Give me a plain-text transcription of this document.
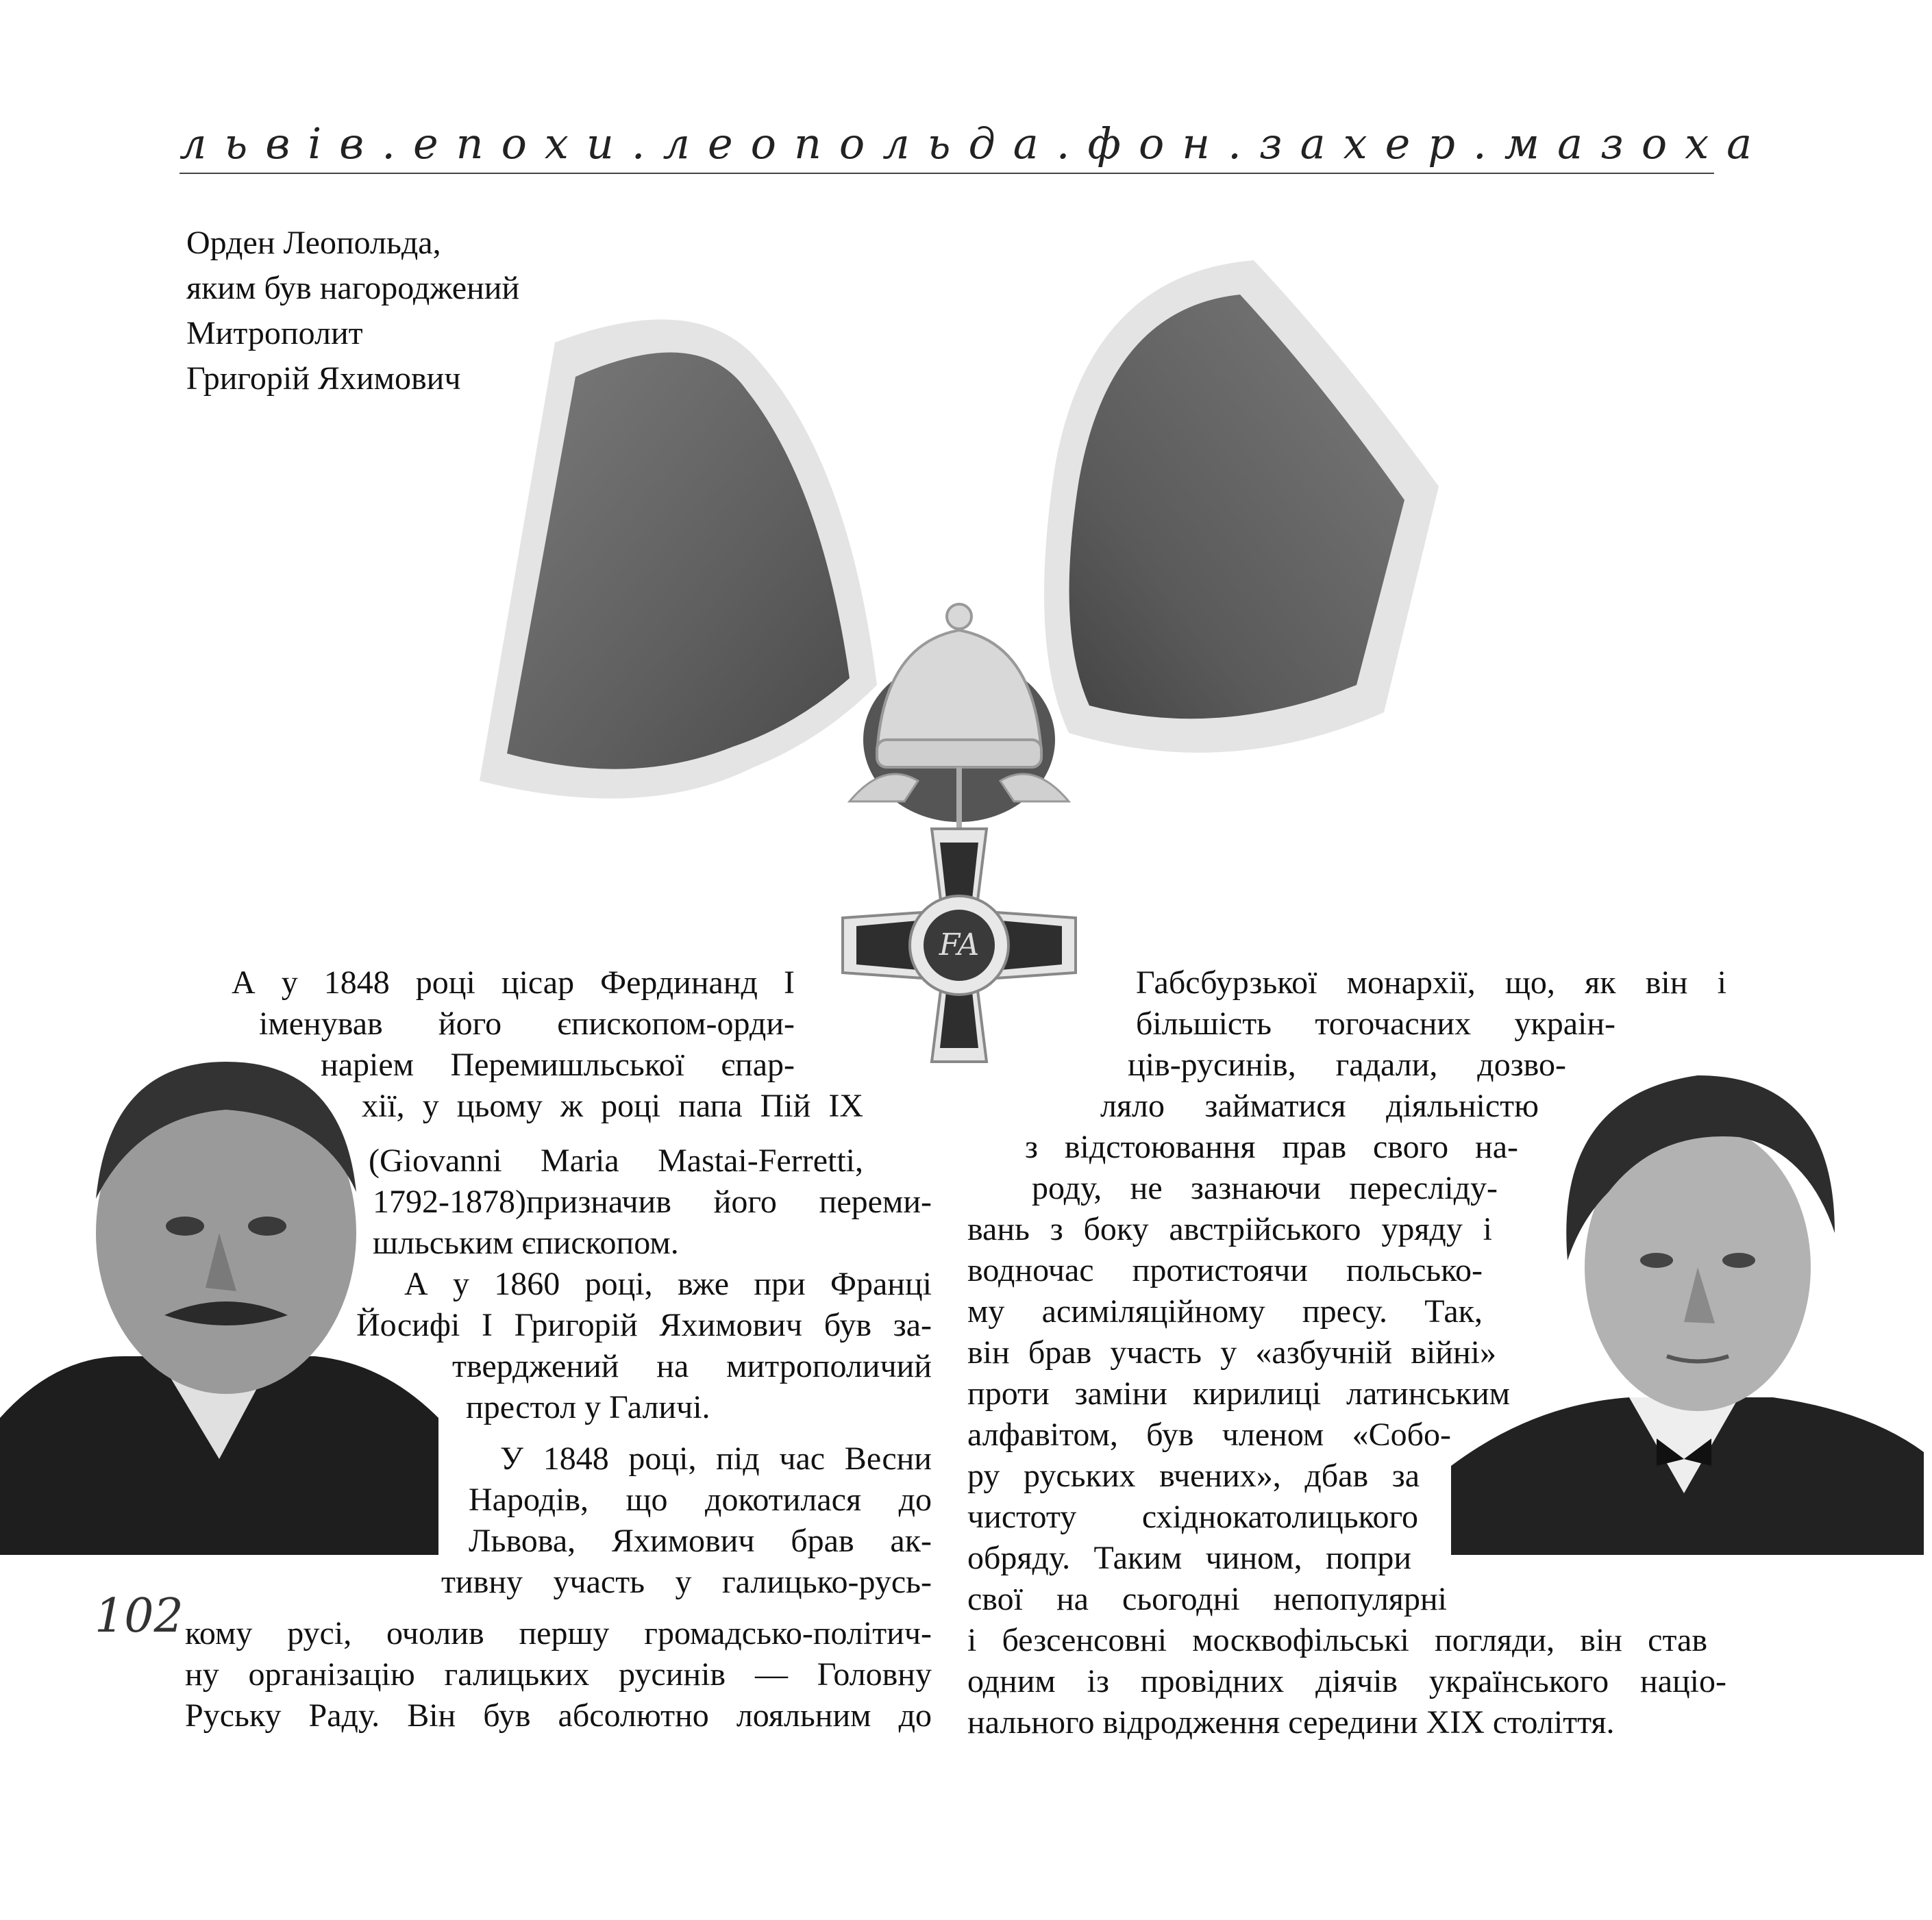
львів.епохи.леопольда.фон.захер.мазоха
Орден Леопольда,
яким був нагороджений
Митрополит
Григорій Яхимович
FA
А у 1848 році цісар Фердинанд І
іменував його єпископом-орди-
наріем Перемишльської єпар-
хії, у цьому ж році папа Пій IX
(Giovanni Maria Mastai-Ferretti,
1792-1878)призначив його переми-
шльським єпископом.
А у 1860 році, вже при Франці
Йосифі І Григорій Яхимович був за-
тверджений на митрополичий
престол у Галичі.
У 1848 році, під час Весни
Народів, що докотилася до
Львова, Яхимович брав ак-
тивну участь у галицько-русь-
кому русі, очолив першу громадсько-політич-
ну організацію галицьких русинів — Головну
Руську Раду. Він був абсолютно лояльним до
Габсбурзької монархії, що, як він і
більшість тогочасних украін-
ців-русинів, гадали, дозво-
ляло займатися діяльністю
з відстоювання прав свого на-
роду, не зазнаючи пересліду-
вань з боку австрійського уряду і
водночас протистоячи польсько-
му асиміляційному пресу. Так,
він брав участь у «азбучній війні»
проти заміни кирилиці латинським
алфавітом, був членом «Собо-
ру руських вчених», дбав за
чистоту східнокатолицького
обряду. Таким чином, попри
свої на сьогодні непопулярні
і безсенсовні москвофільські погляди, він став
одним із провідних діячів українського націо-
нального відродження середини XIX століття.
102
